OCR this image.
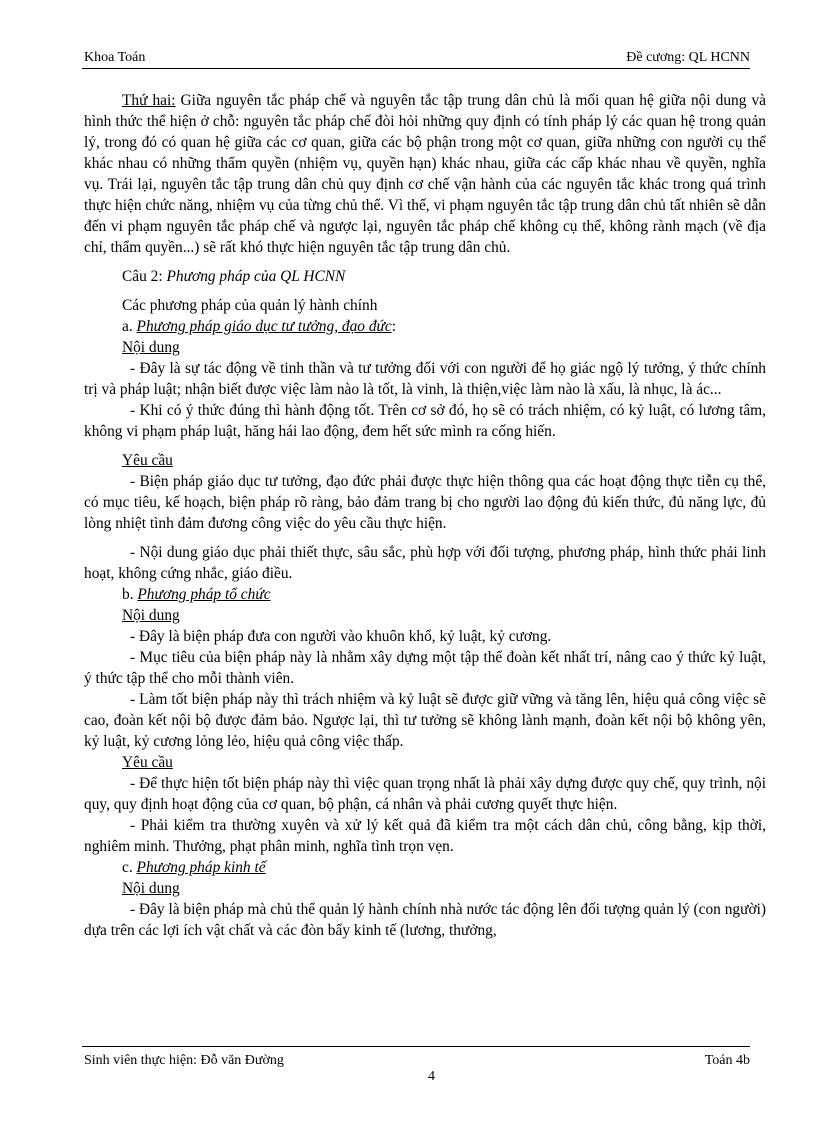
Khoa Toán	Đề cương: QL HCNN

Thứ hai: Giữa nguyên tắc pháp chế và nguyên tắc tập trung dân chủ là mối quan hệ giữa nội dung và hình thức thể hiện ở chỗ: nguyên tắc pháp chế đòi hỏi những quy định có tính pháp lý các quan hệ trong quản lý, trong đó có quan hệ giữa các cơ quan, giữa các bộ phận trong một cơ quan, giữa những con người cụ thể khác nhau có những thẩm quyền (nhiệm vụ, quyền hạn) khác nhau, giữa các cấp khác nhau về quyền, nghĩa vụ. Trái lại, nguyên tắc tập trung dân chủ quy định cơ chế vận hành của các nguyên tắc khác trong quá trình thực hiện chức năng, nhiệm vụ của từng chủ thể. Vì thế, vi phạm nguyên tắc tập trung dân chủ tất nhiên sẽ dẫn đến vi phạm nguyên tắc pháp chế và ngược lại, nguyên tắc pháp chế không cụ thể, không rành mạch (về địa chỉ, thẩm quyền...) sẽ rất khó thực hiện nguyên tắc tập trung dân chủ.

Câu 2: Phương pháp của QL HCNN

Các phương pháp của quản lý hành chính

a. Phương pháp giáo dục tư tưởng, đạo đức:

Nội dung

- Đây là sự tác động về tinh thần và tư tưởng đối với con người để họ giác ngộ lý tưởng, ý thức chính trị và pháp luật; nhận biết được việc làm nào là tốt, là vinh, là thiện,việc làm nào là xấu, là nhục, là ác...

- Khi có ý thức đúng thì hành động tốt. Trên cơ sở đó, họ sẽ có trách nhiệm, có kỷ luật, có lương tâm, không vi phạm pháp luật, hăng hái lao động, đem hết sức mình ra cống hiến.

Yêu cầu

- Biện pháp giáo dục tư tưởng, đạo đức phải được thực hiện thông qua các hoạt động thực tiễn cụ thể, có mục tiêu, kế hoạch, biện pháp rõ ràng, bảo đảm trang bị cho người lao động đủ kiến thức, đủ năng lực, đủ lòng nhiệt tình đảm đương công việc do yêu cầu thực hiện.

- Nội dung giáo dục phải thiết thực, sâu sắc, phù hợp với đối tượng, phương pháp, hình thức phải linh hoạt, không cứng nhắc, giáo điều.

b. Phương pháp tổ chức

Nội dung

- Đây là biện pháp đưa con người vào khuôn khổ, kỷ luật, kỷ cương.

- Mục tiêu của biện pháp này là nhằm xây dựng một tập thể đoàn kết nhất trí, nâng cao ý thức kỷ luật, ý thức tập thể cho mỗi thành viên.

- Làm tốt biện pháp này thì trách nhiệm và kỷ luật sẽ được giữ vững và tăng lên, hiệu quả công việc sẽ cao, đoàn kết nội bộ được đảm bảo. Ngược lại, thì tư tưởng sẽ không lành mạnh, đoàn kết nội bộ không yên, kỷ luật, kỷ cương lỏng lẻo, hiệu quả công việc thấp.

Yêu cầu

- Để thực hiện tốt biện pháp này thì việc quan trọng nhất là phải xây dựng được quy chế, quy trình, nội quy, quy định hoạt động của cơ quan, bộ phận, cá nhân và phải cương quyết thực hiện.

- Phải kiểm tra thường xuyên và xử lý kết quả đã kiểm tra một cách dân chủ, công bằng, kịp thời, nghiêm minh. Thưởng, phạt phân minh, nghĩa tình trọn vẹn.

c. Phương pháp kinh tế

Nội dung

- Đây là biện pháp mà chủ thể quản lý hành chính nhà nước tác động lên đối tượng quản lý (con người) dựa trên các lợi ích vật chất và các đòn bẩy kinh tế (lương, thưởng,

Sinh viên thực hiện: Đỗ văn Đường	Toán 4b
4
